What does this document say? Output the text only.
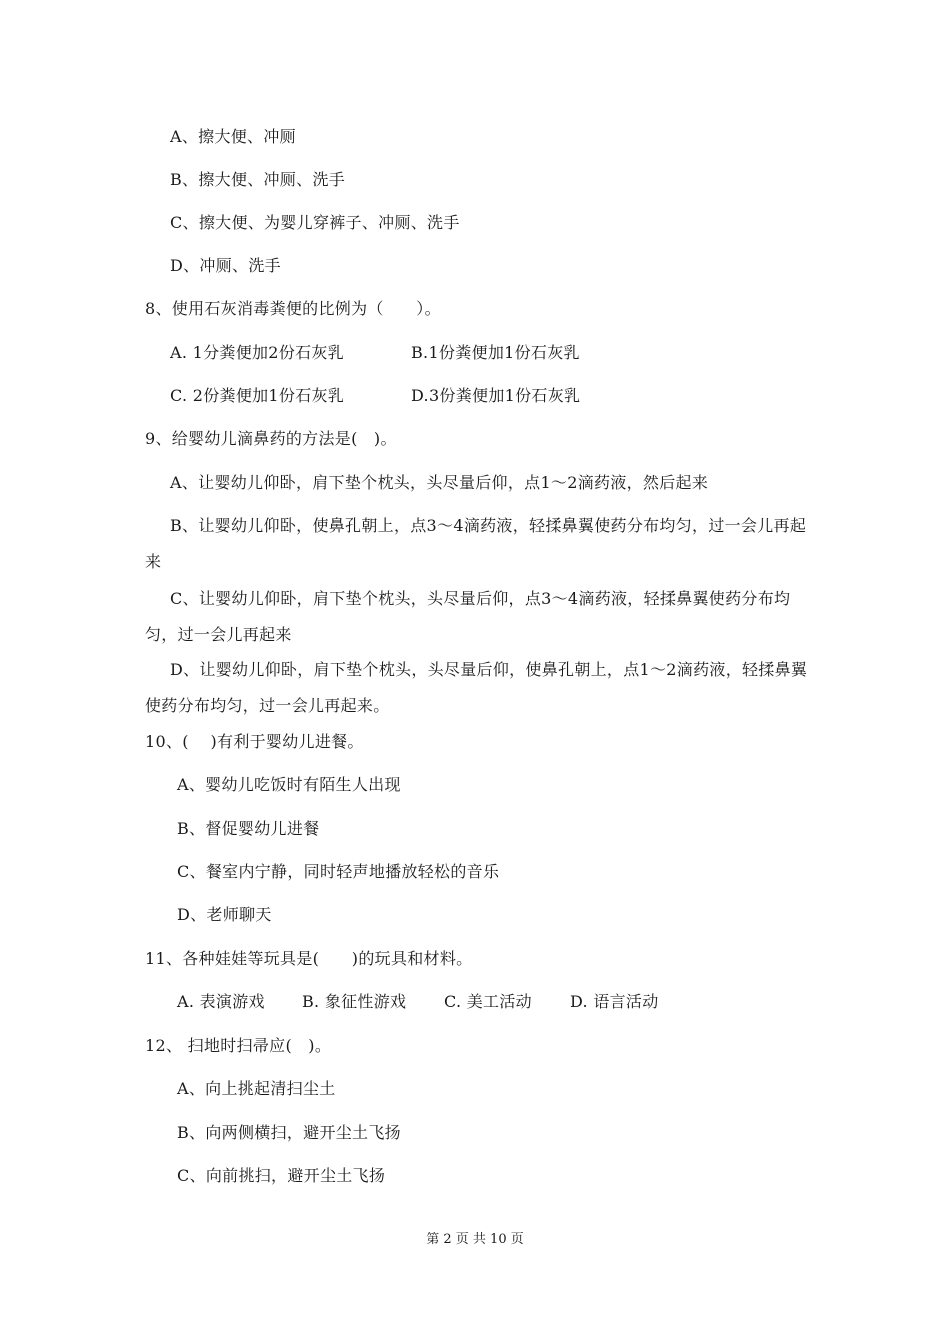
A、擦大便、冲厕
B、擦大便、冲厕、洗手
C、擦大便、为婴儿穿裤子、冲厕、洗手
D、冲厕、洗手
8、使用石灰消毒粪便的比例为（　　）。
A. 1分粪便加2份石灰乳	B.1份粪便加1份石灰乳
C. 2份粪便加1份石灰乳	D.3份粪便加1份石灰乳
9、给婴幼儿滴鼻药的方法是(　)。
A、让婴幼儿仰卧，肩下垫个枕头，头尽量后仰，点1～2滴药液，然后起来
B、让婴幼儿仰卧，使鼻孔朝上，点3～4滴药液，轻揉鼻翼使药分布均匀，过一会儿再起来
C、让婴幼儿仰卧，肩下垫个枕头，头尽量后仰，点3～4滴药液，轻揉鼻翼使药分布均匀，过一会儿再起来
D、让婴幼儿仰卧，肩下垫个枕头，头尽量后仰，使鼻孔朝上，点1～2滴药液，轻揉鼻翼使药分布均匀，过一会儿再起来。
10、(　 )有利于婴幼儿进餐。
A、婴幼儿吃饭时有陌生人出现
B、督促婴幼儿进餐
C、餐室内宁静，同时轻声地播放轻松的音乐
D、老师聊天
11、各种娃娃等玩具是(　　)的玩具和材料。
A. 表演游戏 B. 象征性游戏 C. 美工活动 D. 语言活动
12、 扫地时扫帚应(　)。
A、向上挑起清扫尘土
B、向两侧横扫，避开尘土飞扬
C、向前挑扫，避开尘土飞扬
第 2 页 共 10 页
